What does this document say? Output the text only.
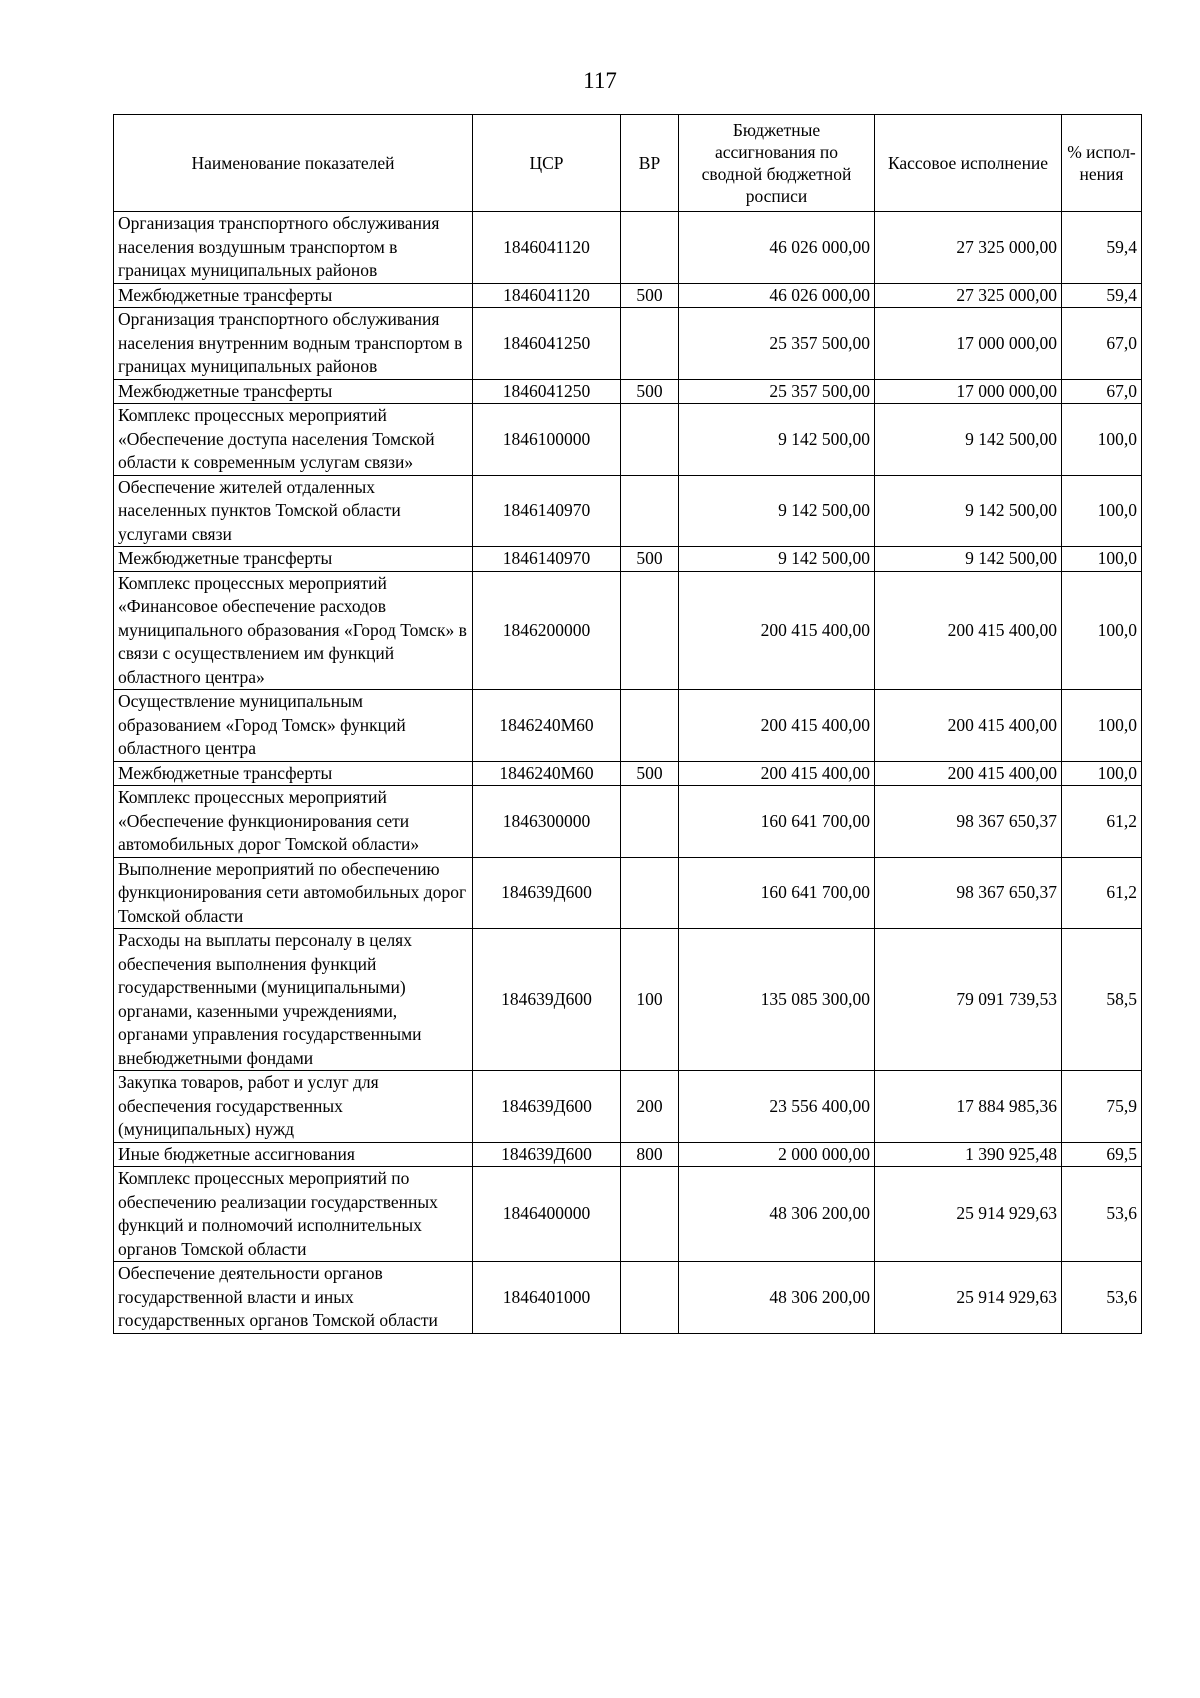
117
Наименование показателей	ЦСР	ВР	Бюджетные ассигнования по сводной бюджетной росписи	Кассовое исполнение	% испол-нения
Организация транспортного обслуживания населения воздушным транспортом в границах муниципальных районов	1846041120		46 026 000,00	27 325 000,00	59,4
Межбюджетные трансферты	1846041120	500	46 026 000,00	27 325 000,00	59,4
Организация транспортного обслуживания населения внутренним водным транспортом в границах муниципальных районов	1846041250		25 357 500,00	17 000 000,00	67,0
Межбюджетные трансферты	1846041250	500	25 357 500,00	17 000 000,00	67,0
Комплекс процессных мероприятий «Обеспечение доступа населения Томской области к современным услугам связи»	1846100000		9 142 500,00	9 142 500,00	100,0
Обеспечение жителей отдаленных населенных пунктов Томской области услугами связи	1846140970		9 142 500,00	9 142 500,00	100,0
Межбюджетные трансферты	1846140970	500	9 142 500,00	9 142 500,00	100,0
Комплекс процессных мероприятий «Финансовое обеспечение расходов муниципального образования «Город Томск» в связи с осуществлением им функций областного центра»	1846200000		200 415 400,00	200 415 400,00	100,0
Осуществление муниципальным образованием «Город Томск» функций областного центра	1846240М60		200 415 400,00	200 415 400,00	100,0
Межбюджетные трансферты	1846240М60	500	200 415 400,00	200 415 400,00	100,0
Комплекс процессных мероприятий «Обеспечение функционирования сети автомобильных дорог Томской области»	1846300000		160 641 700,00	98 367 650,37	61,2
Выполнение мероприятий по обеспечению функционирования сети автомобильных дорог Томской области	184639Д600		160 641 700,00	98 367 650,37	61,2
Расходы на выплаты персоналу в целях обеспечения выполнения функций государственными (муниципальными) органами, казенными учреждениями, органами управления государственными внебюджетными фондами	184639Д600	100	135 085 300,00	79 091 739,53	58,5
Закупка товаров, работ и услуг для обеспечения государственных (муниципальных) нужд	184639Д600	200	23 556 400,00	17 884 985,36	75,9
Иные бюджетные ассигнования	184639Д600	800	2 000 000,00	1 390 925,48	69,5
Комплекс процессных мероприятий по обеспечению реализации государственных функций и полномочий исполнительных органов Томской области	1846400000		48 306 200,00	25 914 929,63	53,6
Обеспечение деятельности органов государственной власти и иных государственных органов Томской области	1846401000		48 306 200,00	25 914 929,63	53,6
